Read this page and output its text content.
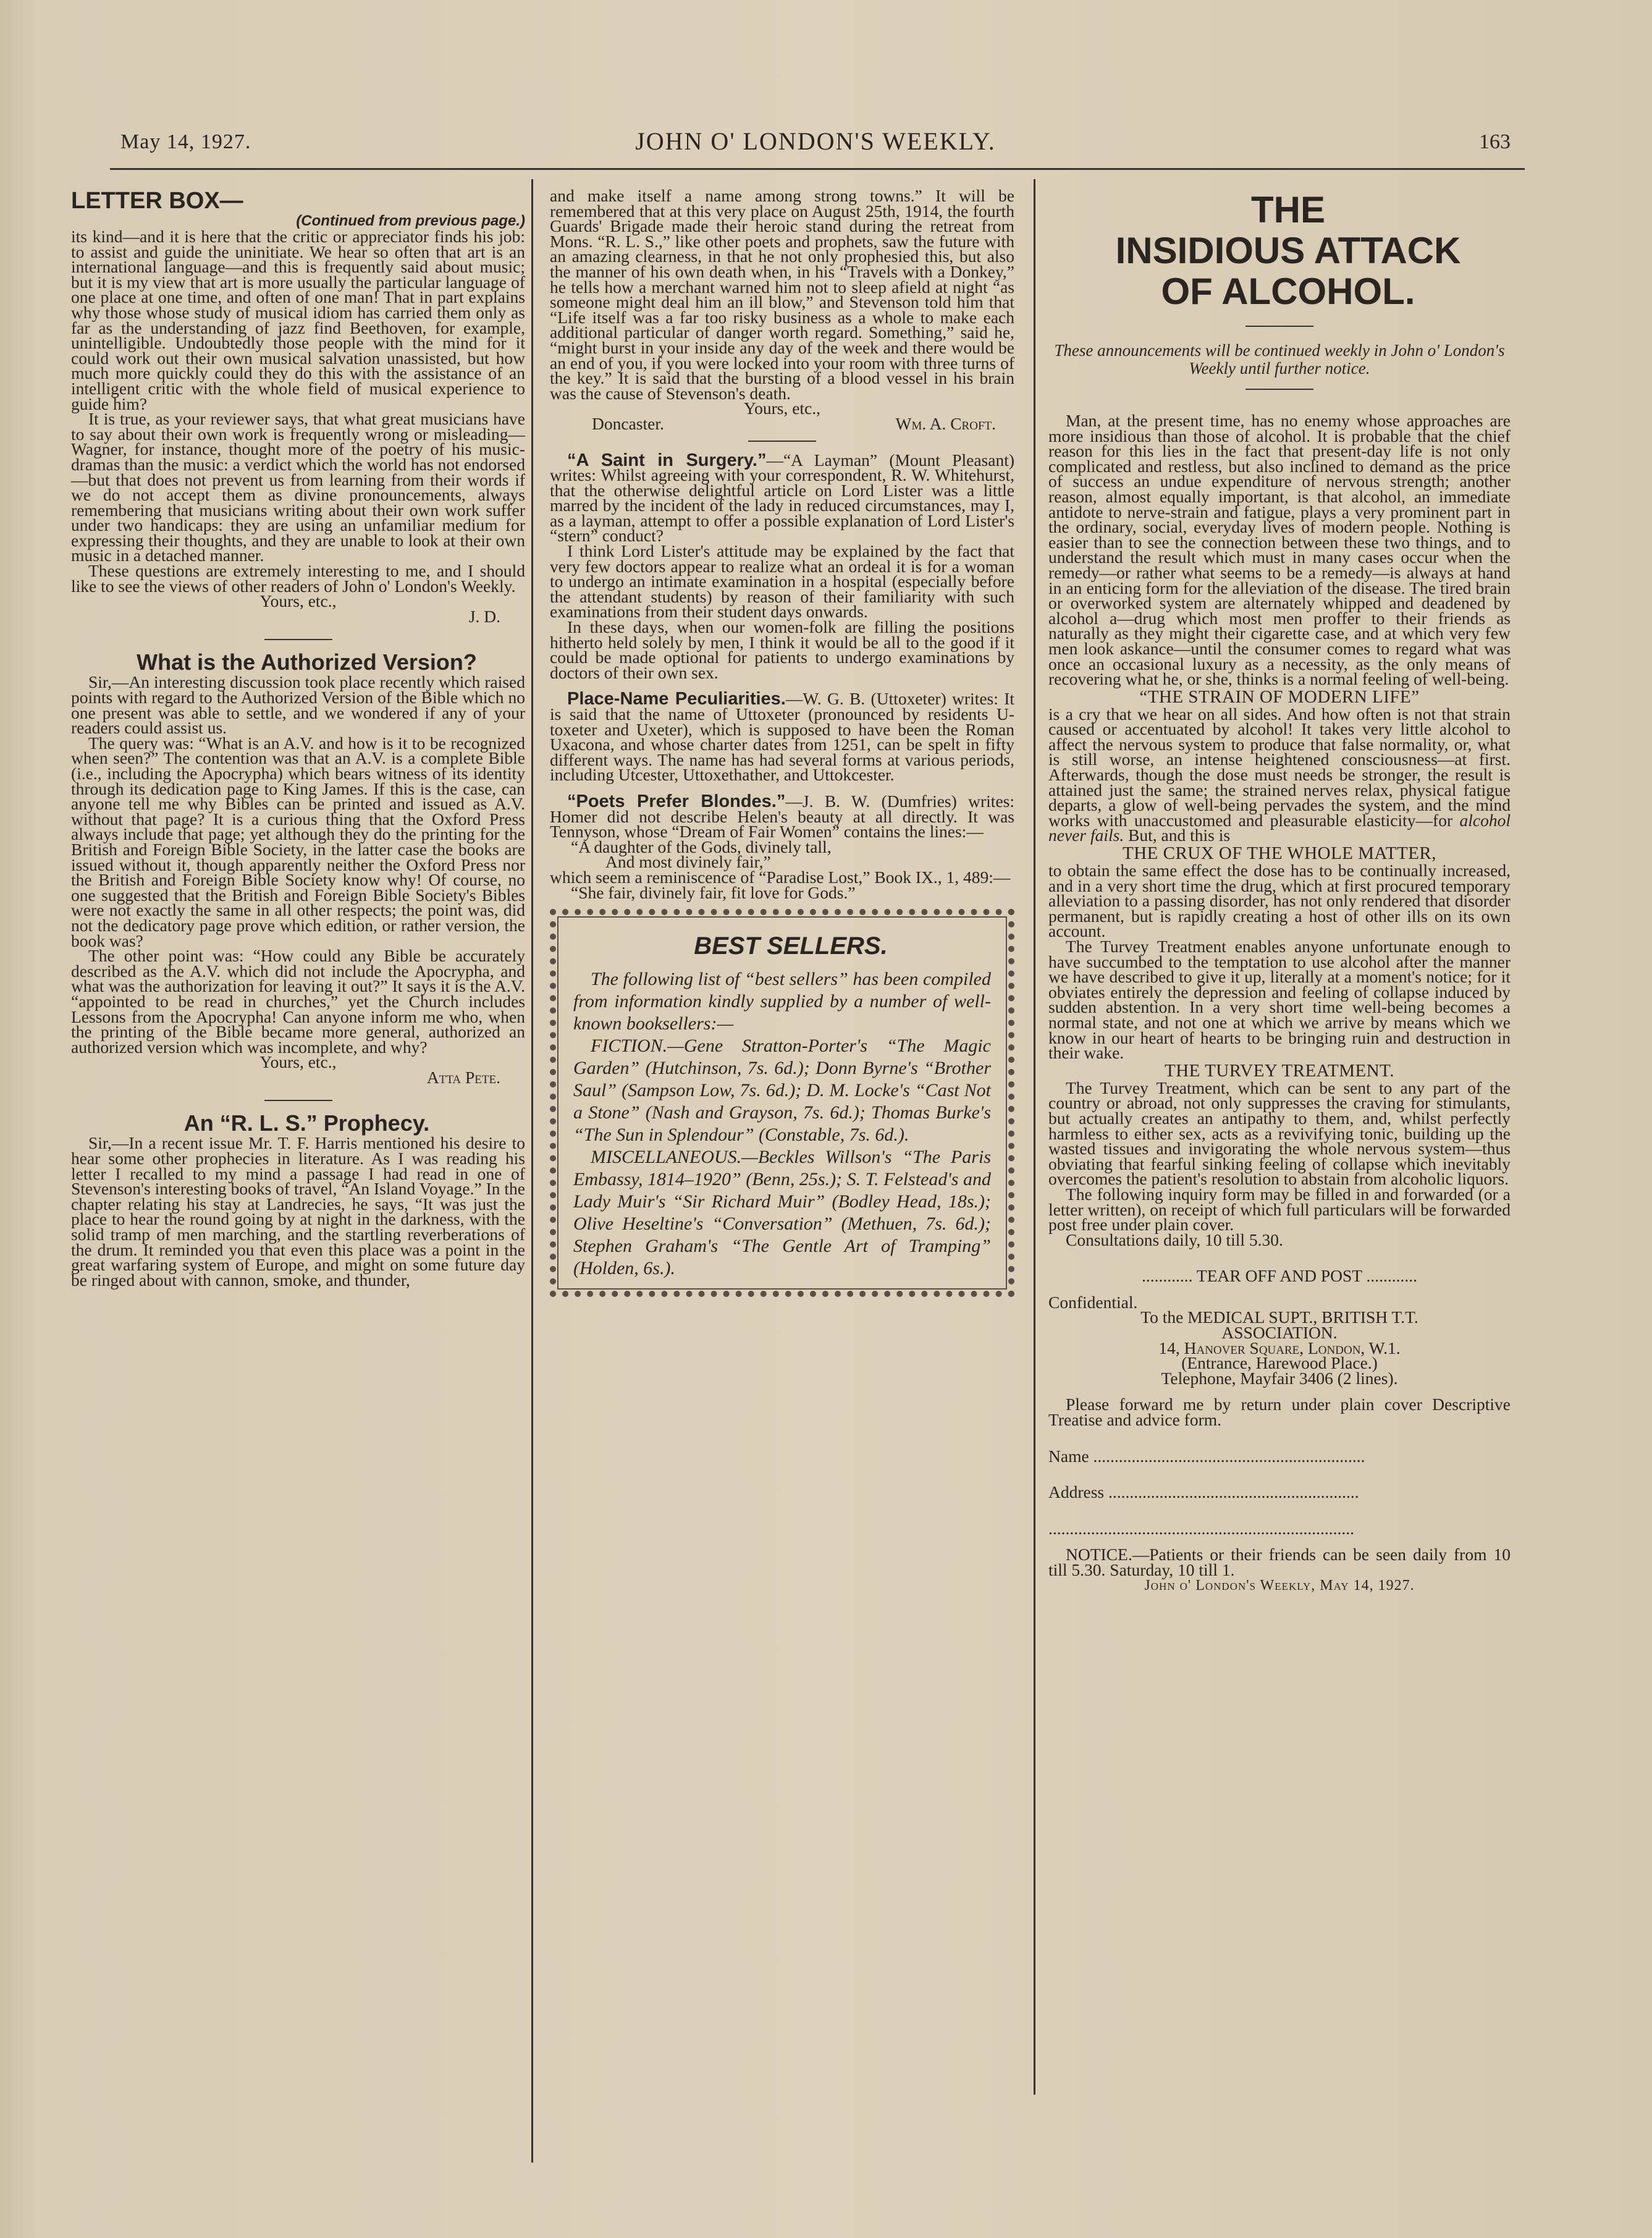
May 14, 1927.	JOHN O' LONDON'S WEEKLY.	163

LETTER BOX—

(Continued from previous page.)

its kind—and it is here that the critic or appreciator finds his job: to assist and guide the uninitiate. We hear so often that art is an international language—and this is frequently said about music; but it is my view that art is more usually the particular language of one place at one time, and often of one man! That in part explains why those whose study of musical idiom has carried them only as far as the understanding of jazz find Beethoven, for example, unintelligible. Undoubtedly those people with the mind for it could work out their own musical salvation unassisted, but how much more quickly could they do this with the assistance of an intelligent critic with the whole field of musical experience to guide him?

It is true, as your reviewer says, that what great musicians have to say about their own work is frequently wrong or misleading—Wagner, for instance, thought more of the poetry of his music-dramas than the music: a verdict which the world has not endorsed—but that does not prevent us from learning from their words if we do not accept them as divine pronouncements, always remembering that musicians writing about their own work suffer under two handicaps: they are using an unfamiliar medium for expressing their thoughts, and they are unable to look at their own music in a detached manner.

These questions are extremely interesting to me, and I should like to see the views of other readers of John o' London's Weekly.

Yours, etc.,

J. D.

What is the Authorized Version?

Sir,—An interesting discussion took place recently which raised points with regard to the Authorized Version of the Bible which no one present was able to settle, and we wondered if any of your readers could assist us.

The query was: “What is an A.V. and how is it to be recognized when seen?” The contention was that an A.V. is a complete Bible (i.e., including the Apocrypha) which bears witness of its identity through its dedication page to King James. If this is the case, can anyone tell me why Bibles can be printed and issued as A.V. without that page? It is a curious thing that the Oxford Press always include that page; yet although they do the printing for the British and Foreign Bible Society, in the latter case the books are issued without it, though apparently neither the Oxford Press nor the British and Foreign Bible Society know why! Of course, no one suggested that the British and Foreign Bible Society's Bibles were not exactly the same in all other respects; the point was, did not the dedicatory page prove which edition, or rather version, the book was?

The other point was: “How could any Bible be accurately described as the A.V. which did not include the Apocrypha, and what was the authorization for leaving it out?” It says it is the A.V. “appointed to be read in churches,” yet the Church includes Lessons from the Apocrypha! Can anyone inform me who, when the printing of the Bible became more general, authorized an authorized version which was incomplete, and why?

Yours, etc.,

Atta Pete.

An “R. L. S.” Prophecy.

Sir,—In a recent issue Mr. T. F. Harris mentioned his desire to hear some other prophecies in literature. As I was reading his letter I recalled to my mind a passage I had read in one of Stevenson's interesting books of travel, “An Island Voyage.” In the chapter relating his stay at Landrecies, he says, “It was just the place to hear the round going by at night in the darkness, with the solid tramp of men marching, and the startling reverberations of the drum. It reminded you that even this place was a point in the great warfaring system of Europe, and might on some future day be ringed about with cannon, smoke, and thunder,

and make itself a name among strong towns.” It will be remembered that at this very place on August 25th, 1914, the fourth Guards' Brigade made their heroic stand during the retreat from Mons. “R. L. S.,” like other poets and prophets, saw the future with an amazing clearness, in that he not only prophesied this, but also the manner of his own death when, in his “Travels with a Donkey,” he tells how a merchant warned him not to sleep afield at night “as someone might deal him an ill blow,” and Stevenson told him that “Life itself was a far too risky business as a whole to make each additional particular of danger worth regard. Something,” said he, “might burst in your inside any day of the week and there would be an end of you, if you were locked into your room with three turns of the key.” It is said that the bursting of a blood vessel in his brain was the cause of Stevenson's death.

Yours, etc.,

Doncaster.	Wm. A. Croft.

“A Saint in Surgery.”—“A Layman” (Mount Pleasant) writes: Whilst agreeing with your correspondent, R. W. Whitehurst, that the otherwise delightful article on Lord Lister was a little marred by the incident of the lady in reduced circumstances, may I, as a layman, attempt to offer a possible explanation of Lord Lister's “stern” conduct?

I think Lord Lister's attitude may be explained by the fact that very few doctors appear to realize what an ordeal it is for a woman to undergo an intimate examination in a hospital (especially before the attendant students) by reason of their familiarity with such examinations from their student days onwards.

In these days, when our women-folk are filling the positions hitherto held solely by men, I think it would be all to the good if it could be made optional for patients to undergo examinations by doctors of their own sex.

Place-Name Peculiarities.—W. G. B. (Uttoxeter) writes: It is said that the name of Uttoxeter (pronounced by residents U-toxeter and Uxeter), which is supposed to have been the Roman Uxacona, and whose charter dates from 1251, can be spelt in fifty different ways. The name has had several forms at various periods, including Utcester, Uttoxethather, and Uttokcester.

“Poets Prefer Blondes.”—J. B. W. (Dumfries) writes: Homer did not describe Helen's beauty at all directly. It was Tennyson, whose “Dream of Fair Women” contains the lines:—

“A daughter of the Gods, divinely tall,

And most divinely fair,”

which seem a reminiscence of “Paradise Lost,” Book IX., 1, 489:—

“She fair, divinely fair, fit love for Gods.”

BEST SELLERS.

The following list of “best sellers” has been compiled from information kindly supplied by a number of well-known booksellers:—

FICTION.—Gene Stratton-Porter's “The Magic Garden” (Hutchinson, 7s. 6d.); Donn Byrne's “Brother Saul” (Sampson Low, 7s. 6d.); D. M. Locke's “Cast Not a Stone” (Nash and Grayson, 7s. 6d.); Thomas Burke's “The Sun in Splendour” (Constable, 7s. 6d.).

MISCELLANEOUS.—Beckles Willson's “The Paris Embassy, 1814–1920” (Benn, 25s.); S. T. Felstead's and Lady Muir's “Sir Richard Muir” (Bodley Head, 18s.); Olive Heseltine's “Conversation” (Methuen, 7s. 6d.); Stephen Graham's “The Gentle Art of Tramping” (Holden, 6s.).

THE

INSIDIOUS ATTACK

OF ALCOHOL.

These announcements will be continued weekly in John o' London's Weekly until further notice.

Man, at the present time, has no enemy whose approaches are more insidious than those of alcohol. It is probable that the chief reason for this lies in the fact that present-day life is not only complicated and restless, but also inclined to demand as the price of success an undue expenditure of nervous strength; another reason, almost equally important, is that alcohol, an immediate antidote to nerve-strain and fatigue, plays a very prominent part in the ordinary, social, everyday lives of modern people. Nothing is easier than to see the connection between these two things, and to understand the result which must in many cases occur when the remedy—or rather what seems to be a remedy—is always at hand in an enticing form for the alleviation of the disease. The tired brain or overworked system are alternately whipped and deadened by alcohol a—drug which most men proffer to their friends as naturally as they might their cigarette case, and at which very few men look askance—until the consumer comes to regard what was once an occasional luxury as a necessity, as the only means of recovering what he, or she, thinks is a normal feeling of well-being.

“THE STRAIN OF MODERN LIFE”

is a cry that we hear on all sides. And how often is not that strain caused or accentuated by alcohol! It takes very little alcohol to affect the nervous system to produce that false normality, or, what is still worse, an intense heightened consciousness—at first. Afterwards, though the dose must needs be stronger, the result is attained just the same; the strained nerves relax, physical fatigue departs, a glow of well-being pervades the system, and the mind works with unaccustomed and pleasurable elasticity—for alcohol never fails. But, and this is

THE CRUX OF THE WHOLE MATTER,

to obtain the same effect the dose has to be continually increased, and in a very short time the drug, which at first procured temporary alleviation to a passing disorder, has not only rendered that disorder permanent, but is rapidly creating a host of other ills on its own account.

The Turvey Treatment enables anyone unfortunate enough to have succumbed to the temptation to use alcohol after the manner we have described to give it up, literally at a moment's notice; for it obviates entirely the depression and feeling of collapse induced by sudden abstention. In a very short time well-being becomes a normal state, and not one at which we arrive by means which we know in our heart of hearts to be bringing ruin and destruction in their wake.

THE TURVEY TREATMENT.

The Turvey Treatment, which can be sent to any part of the country or abroad, not only suppresses the craving for stimulants, but actually creates an antipathy to them, and, whilst perfectly harmless to either sex, acts as a revivifying tonic, building up the wasted tissues and invigorating the whole nervous system—thus obviating that fearful sinking feeling of collapse which inevitably overcomes the patient's resolution to abstain from alcoholic liquors.

The following inquiry form may be filled in and forwarded (or a letter written), on receipt of which full particulars will be forwarded post free under plain cover.

Consultations daily, 10 till 5.30.

............ TEAR OFF AND POST ............

Confidential.

To the MEDICAL SUPT., BRITISH T.T.

ASSOCIATION.

14, Hanover Square, London, W.1.

(Entrance, Harewood Place.)

Telephone, Mayfair 3406 (2 lines).

Please forward me by return under plain cover Descriptive Treatise and advice form.

Name ................................................................

Address ...........................................................

........................................................................

NOTICE.—Patients or their friends can be seen daily from 10 till 5.30. Saturday, 10 till 1.

John o' London's Weekly, May 14, 1927.
